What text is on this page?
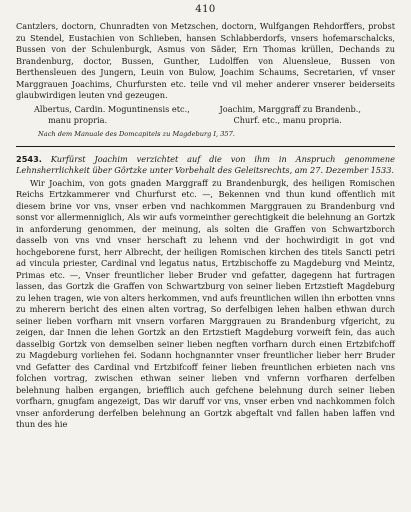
410

Cantzlers, doctorn, Chunradten von Metzschen, doctorn, Wulfgangen Rehdorffers, probst zu Stendel, Eustachien von Schlieben, hansen Schlabberdorfs, vnsers hofemarschalcks, Bussen von der Schulenburgk, Asmus von Sãder, Ern Thomas krüllen, Dechands zu Brandenburg, doctor, Bussen, Gunther, Ludolffen von Aluensleue, Bussen von Berthensleuen des Jungern, Leuin von Bulow, Joachim Schaums, Secretarien, vf vnser Marggrauen Joachims, Churfursten etc. teile vnd vil meher anderer vnserer beiderseits glaubwirdigen leuten vnd gezeugen.

Albertus, Cardin. Moguntinensis etc.,
manu propria.
Joachim, Marggraff zu Brandenb.,
Churf. etc., manu propria.
Nach dem Manuale des Domcapitels zu Magdeburg I, 357.

2543. Kurfürst Joachim verzichtet auf die von ihm in Anspruch genommene Lehnsherrlichkeit über Görtzke unter Vorbehalt des Geleitsrechts, am 27. Dezember 1533.

Wir Joachim, von gots gnaden Marggraff zu Brandenburgk, des heiligen Romischen Reichs Ertzkammerer vnd Churfurst etc. —, Bekennen vnd thun kund offentlich mit diesem brine vor vns, vnser erben vnd nachkommen Marggrauen zu Brandenburg vnd sonst vor allermenniglich, Als wir aufs vormeinther gerechtigkeit die belehnung an Gortzk in anforderung genommen, der meinung, als solten die Graffen von Schwartzborch dasselb von vns vnd vnser herschaft zu lehenn vnd der hochwirdigit in got vnd hochgeborene furst, herr Albrecht, der heiligen Romischen kirchen des titels Sancti petri ad vincula priester, Cardinal vnd legatus natus, Ertzbischoffe zu Magdeburg vnd Meintz, Primas etc. —, Vnser freuntlicher lieber Bruder vnd gefatter, dagegenn hat furtragen lassen, das Gortzk die Graffen von Schwartzburg von seiner lieben Ertzstieft Magdeburg zu lehen tragen, wie von alters herkommen, vnd aufs freuntlichen willen ihn erbotten vnns zu mherern bericht des einen alten vortrag, So derfelbigen lehen halben ethwan durch seiner lieben vorfharn mit vnsern vorfaren Marggrauen zu Brandenburg vfgericht, zu zeigen, dar Innen die lehen Gortzk an den Ertzstieft Magdeburg vorweift fein, das auch dasselbig Gortzk von demselben seiner lieben negften vorfharn durch einen Ertzbifchoff zu Magdeburg vorliehen fei. Sodann hochgnannter vnser freuntlicher lieber herr Bruder vnd Gefatter des Cardinal vnd Ertzbifcoff feiner lieben freuntlichen erbieten nach vns folchen vortrag, zwischen ethwan seiner lieben vnd vnfernn vorfharen derfelben belehnung halben ergangen, briefflich auch gefchene belehnung durch seiner lieben vorfharn, gnugfam angezeigt, Das wir daruff vor vns, vnser erben vnd nachkommen folch vnser anforderung derfelben belehnung an Gortzk abgeftalt vnd fallen haben laffen vnd thun des hie
